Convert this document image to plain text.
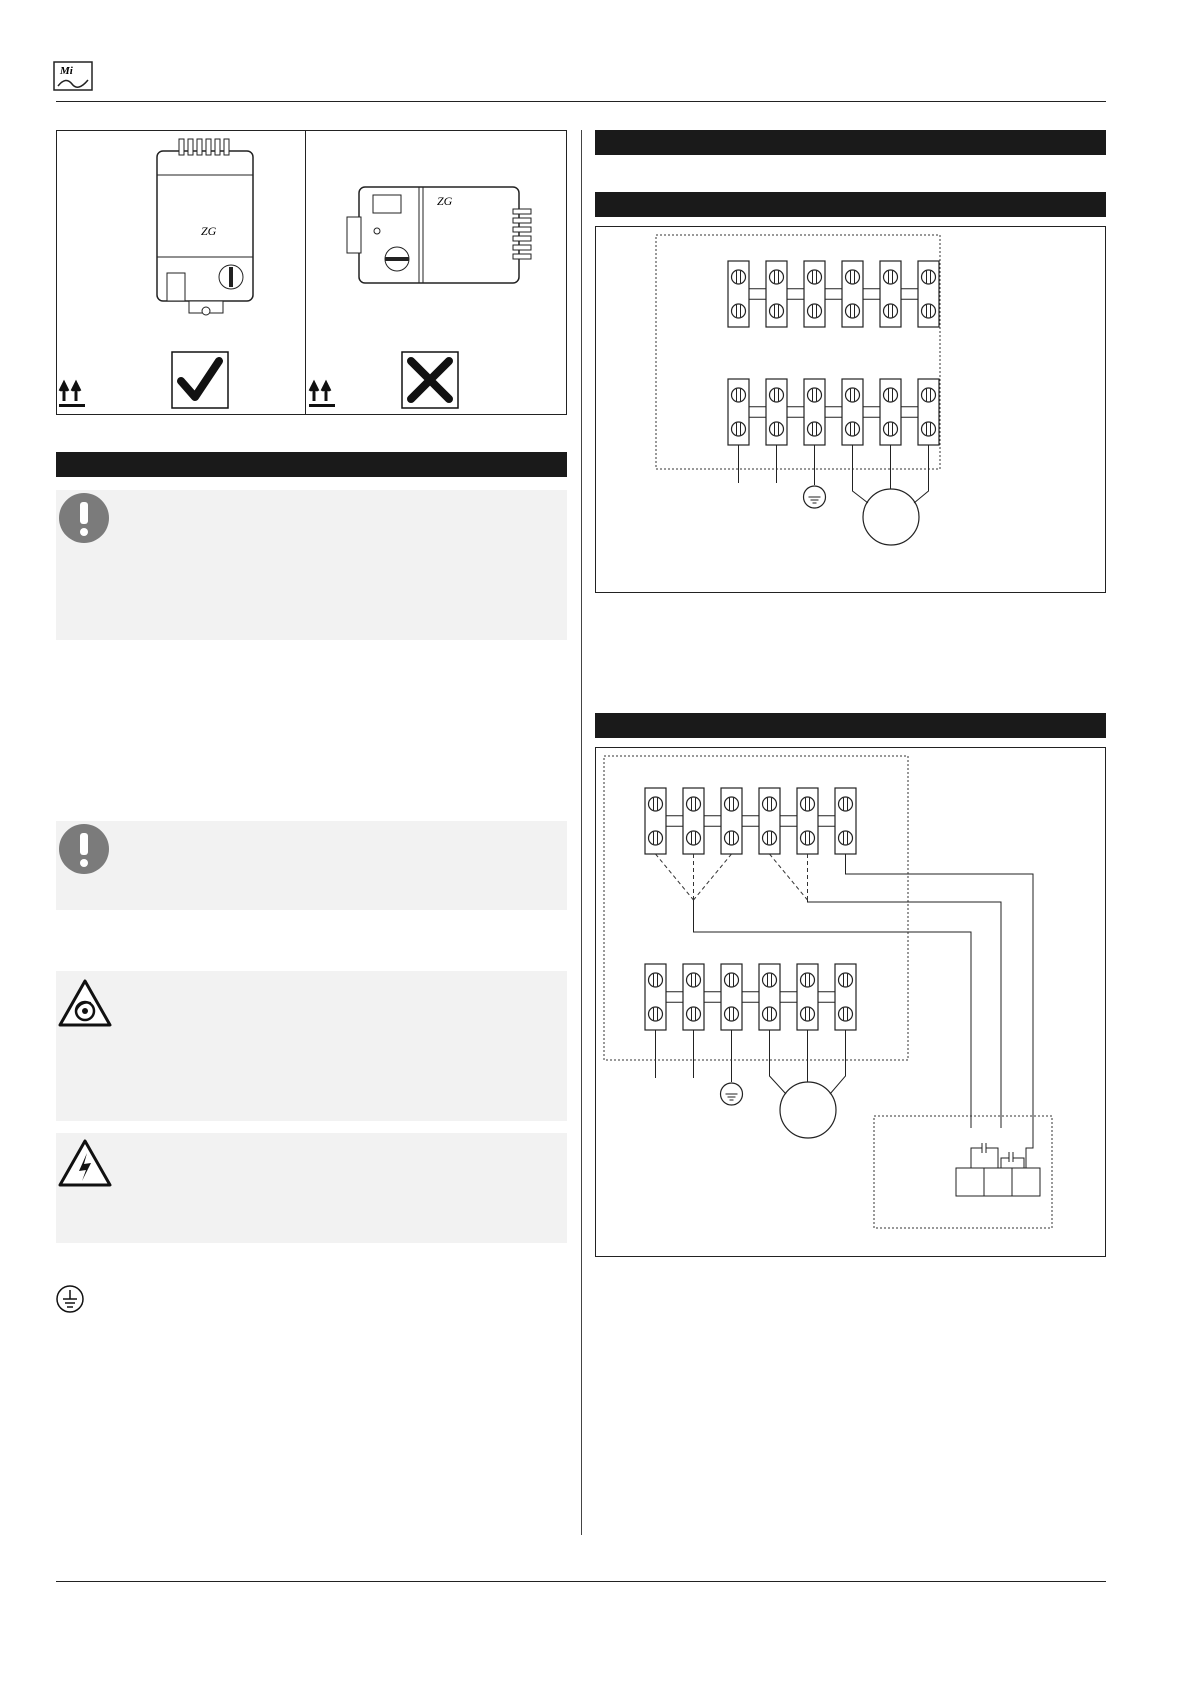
Mi
ZG
ZG
